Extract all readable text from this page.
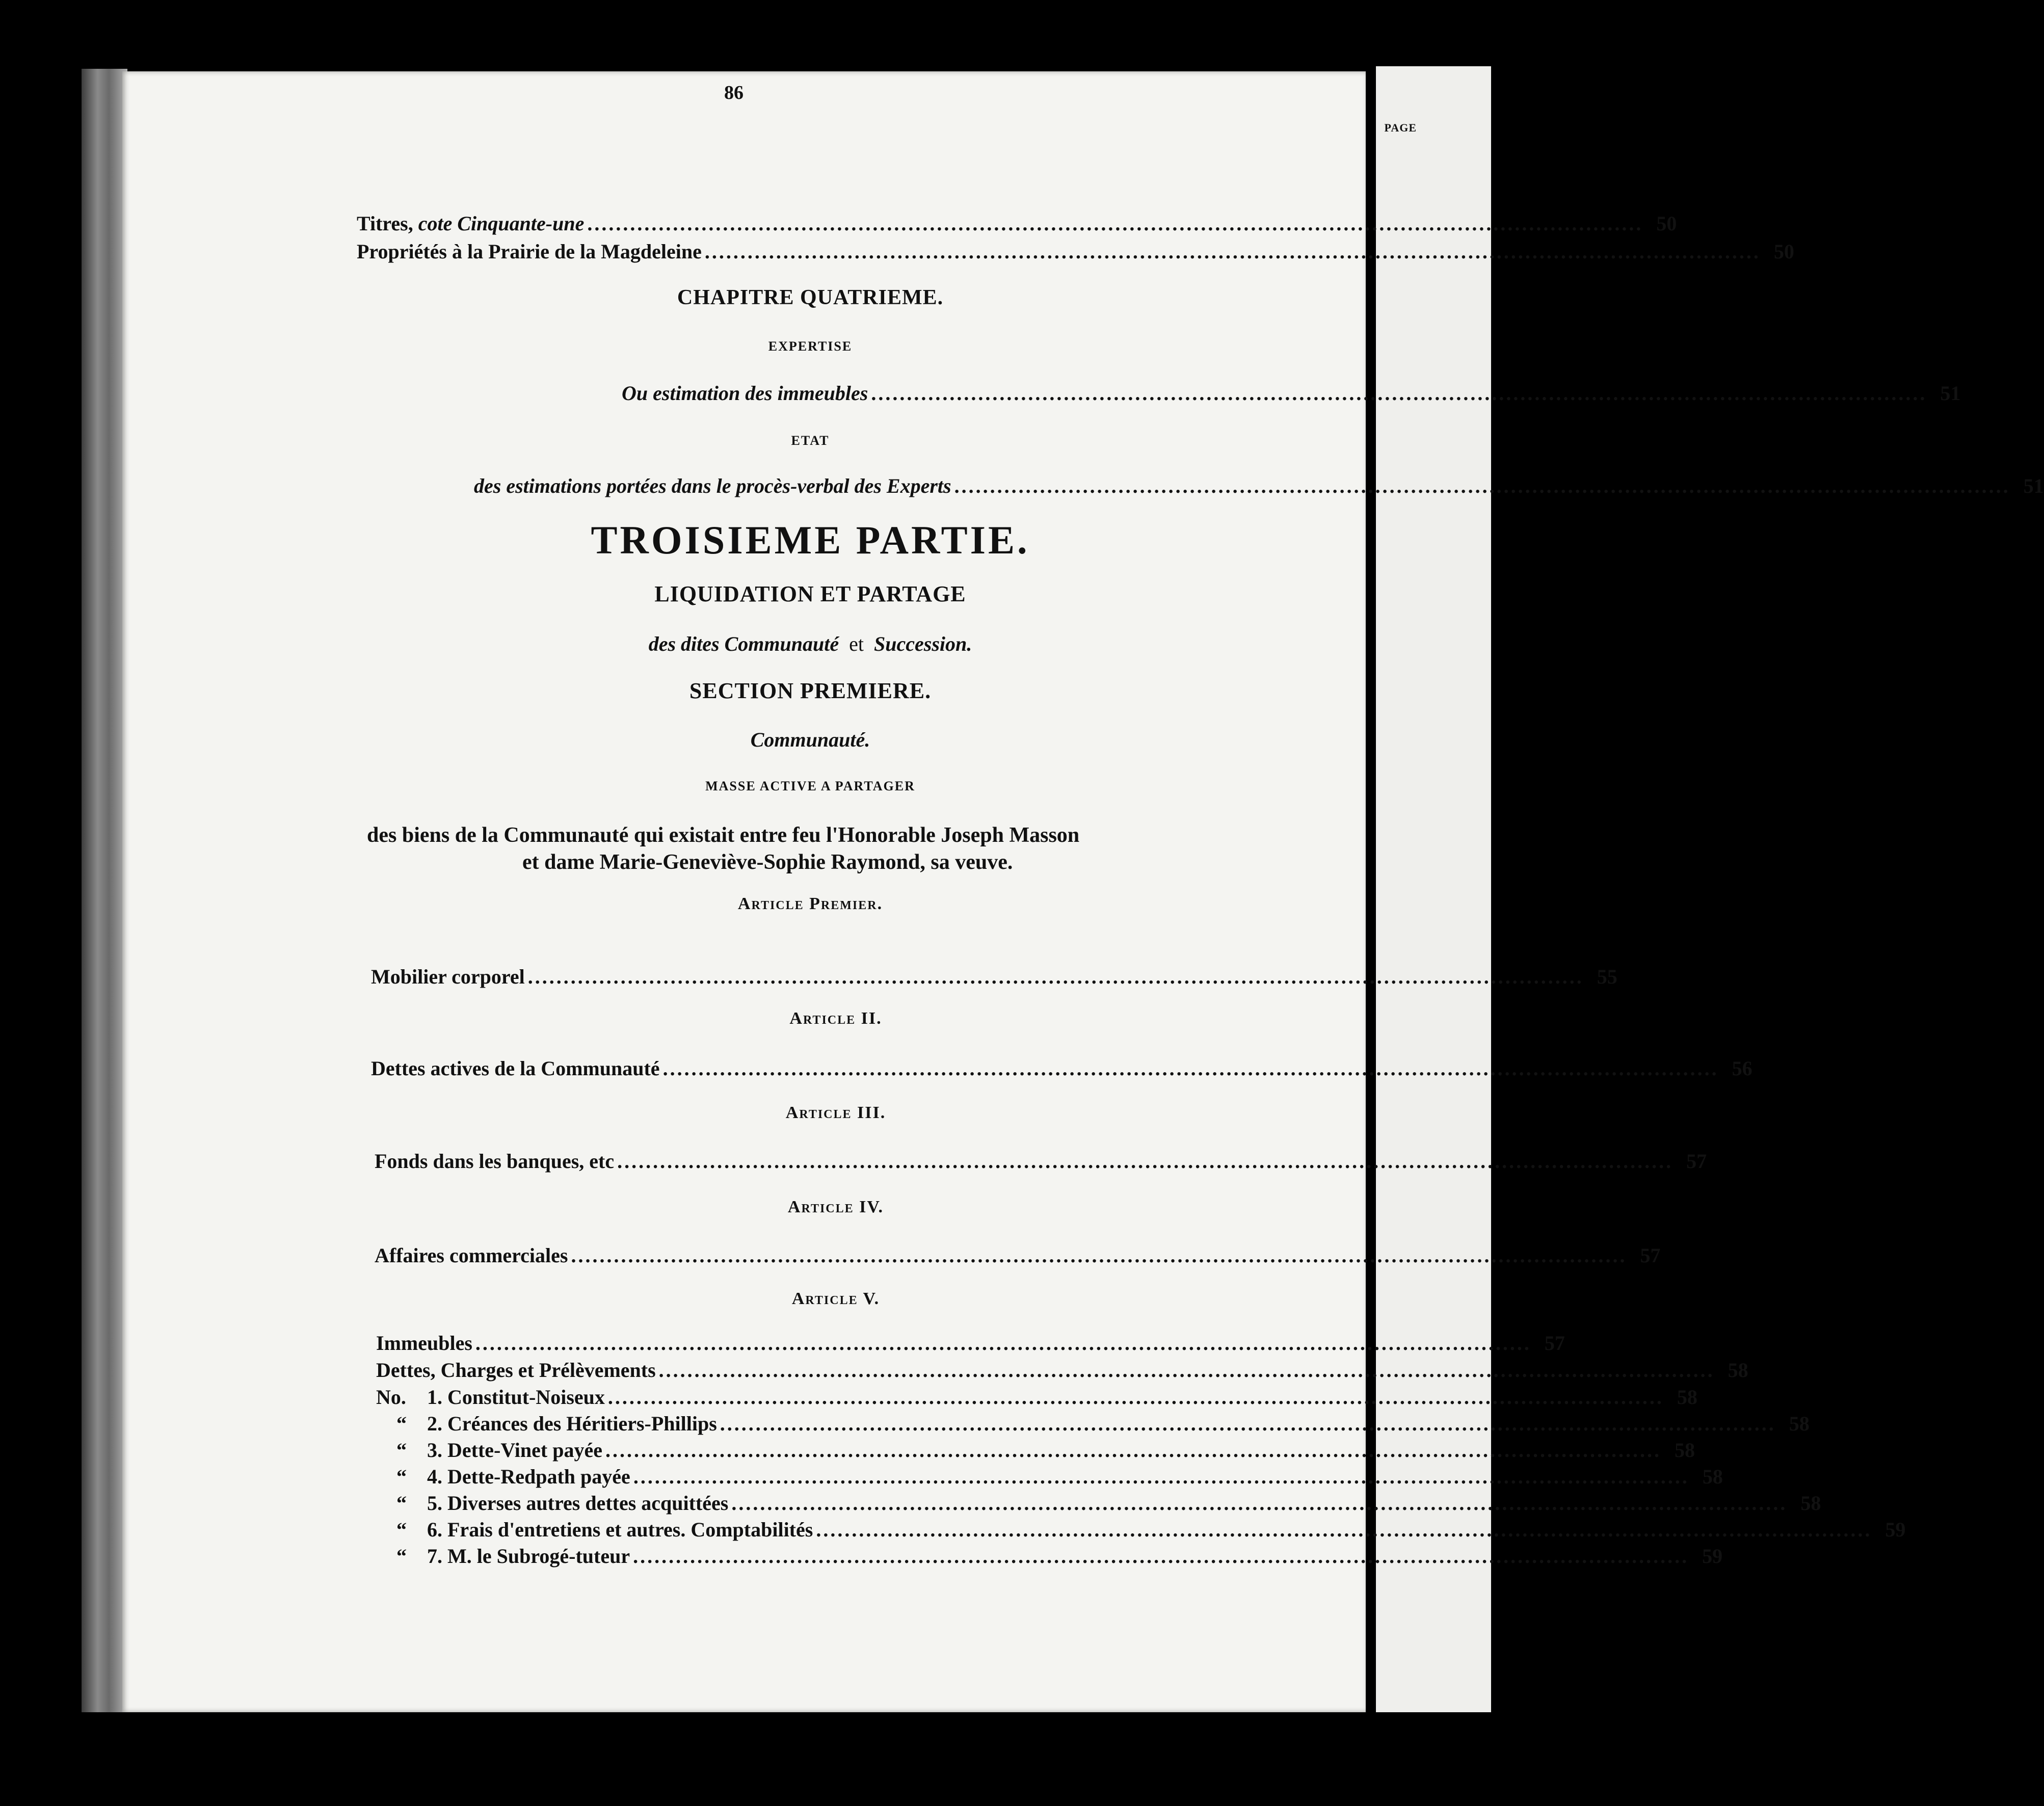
86
PAGE
Titres, cote Cinquante-une .................................................................................................................................................... 50
Propriétés à la Prairie de la Magdeleine .................................................................................................................................................... 50
CHAPITRE QUATRIEME.
EXPERTISE
Ou estimation des immeubles .................................................................................................................................................... 51
ETAT
des estimations portées dans le procès-verbal des Experts .................................................................................................................................................... 51
TROISIEME PARTIE.
LIQUIDATION ET PARTAGE
des dites Communauté et Succession.
SECTION PREMIERE.
Communauté.
MASSE ACTIVE A PARTAGER
des biens de la Communauté qui existait entre feu l'Honorable Joseph Masson
et dame Marie-Geneviève-Sophie Raymond, sa veuve.
Article Premier.
Mobilier corporel .................................................................................................................................................... 55
Article II.
Dettes actives de la Communauté .................................................................................................................................................... 56
Article III.
Fonds dans les banques, etc .................................................................................................................................................... 57
Article IV.
Affaires commerciales .................................................................................................................................................... 57
Article V.
Immeubles .................................................................................................................................................... 57
Dettes, Charges et Prélèvements .................................................................................................................................................... 58
No. 1. Constitut-Noiseux .................................................................................................................................................... 58
“ 2. Créances des Héritiers-Phillips .................................................................................................................................................... 58
“ 3. Dette-Vinet payée .................................................................................................................................................... 58
“ 4. Dette-Redpath payée .................................................................................................................................................... 58
“ 5. Diverses autres dettes acquittées .................................................................................................................................................... 58
“ 6. Frais d'entretiens et autres. Comptabilités .................................................................................................................................................... 59
“ 7. M. le Subrogé-tuteur .................................................................................................................................................... 59
